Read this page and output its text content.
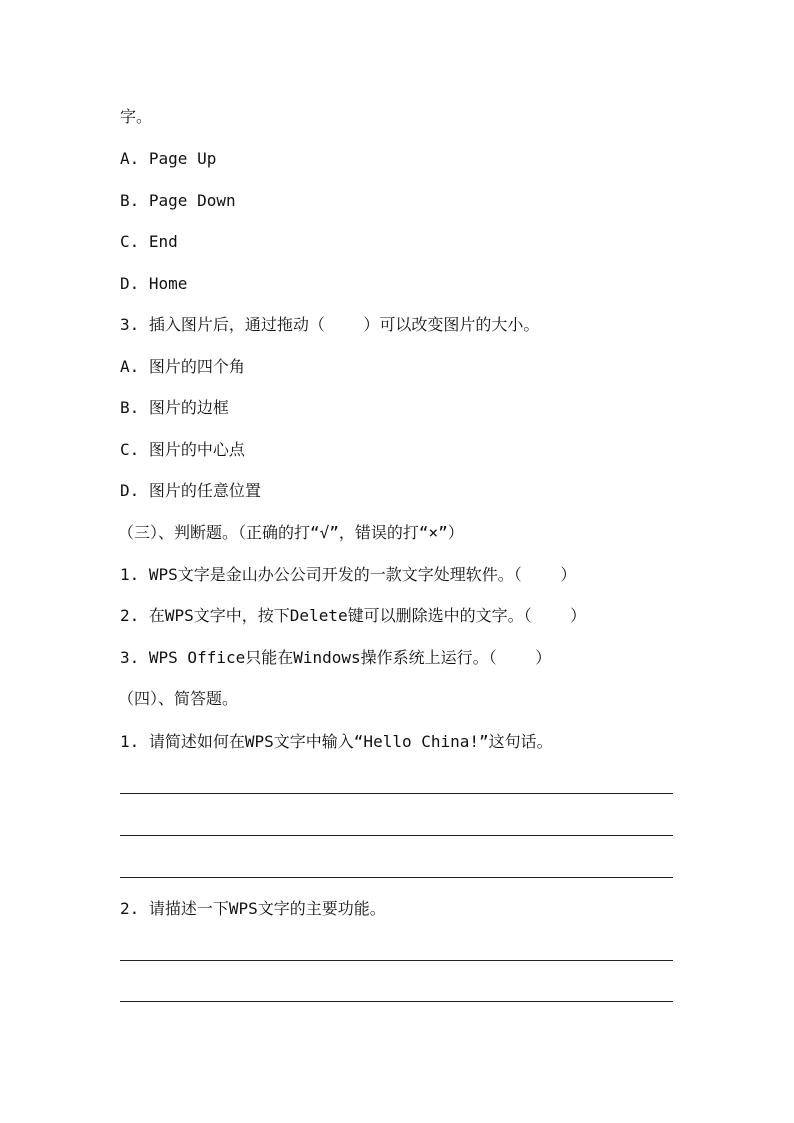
字。
A. Page Up
B. Page Down
C. End
D. Home
3. 插入图片后，通过拖动（    ）可以改变图片的大小。
A. 图片的四个角
B. 图片的边框
C. 图片的中心点
D. 图片的任意位置
（三）、判断题。（正确的打“√”，错误的打“×”）
1. WPS文字是金山办公公司开发的一款文字处理软件。（    ）
2. 在WPS文字中，按下Delete键可以删除选中的文字。（    ）
3. WPS Office只能在Windows操作系统上运行。（    ）
（四）、简答题。
1. 请简述如何在WPS文字中输入“Hello China!”这句话。
2. 请描述一下WPS文字的主要功能。
